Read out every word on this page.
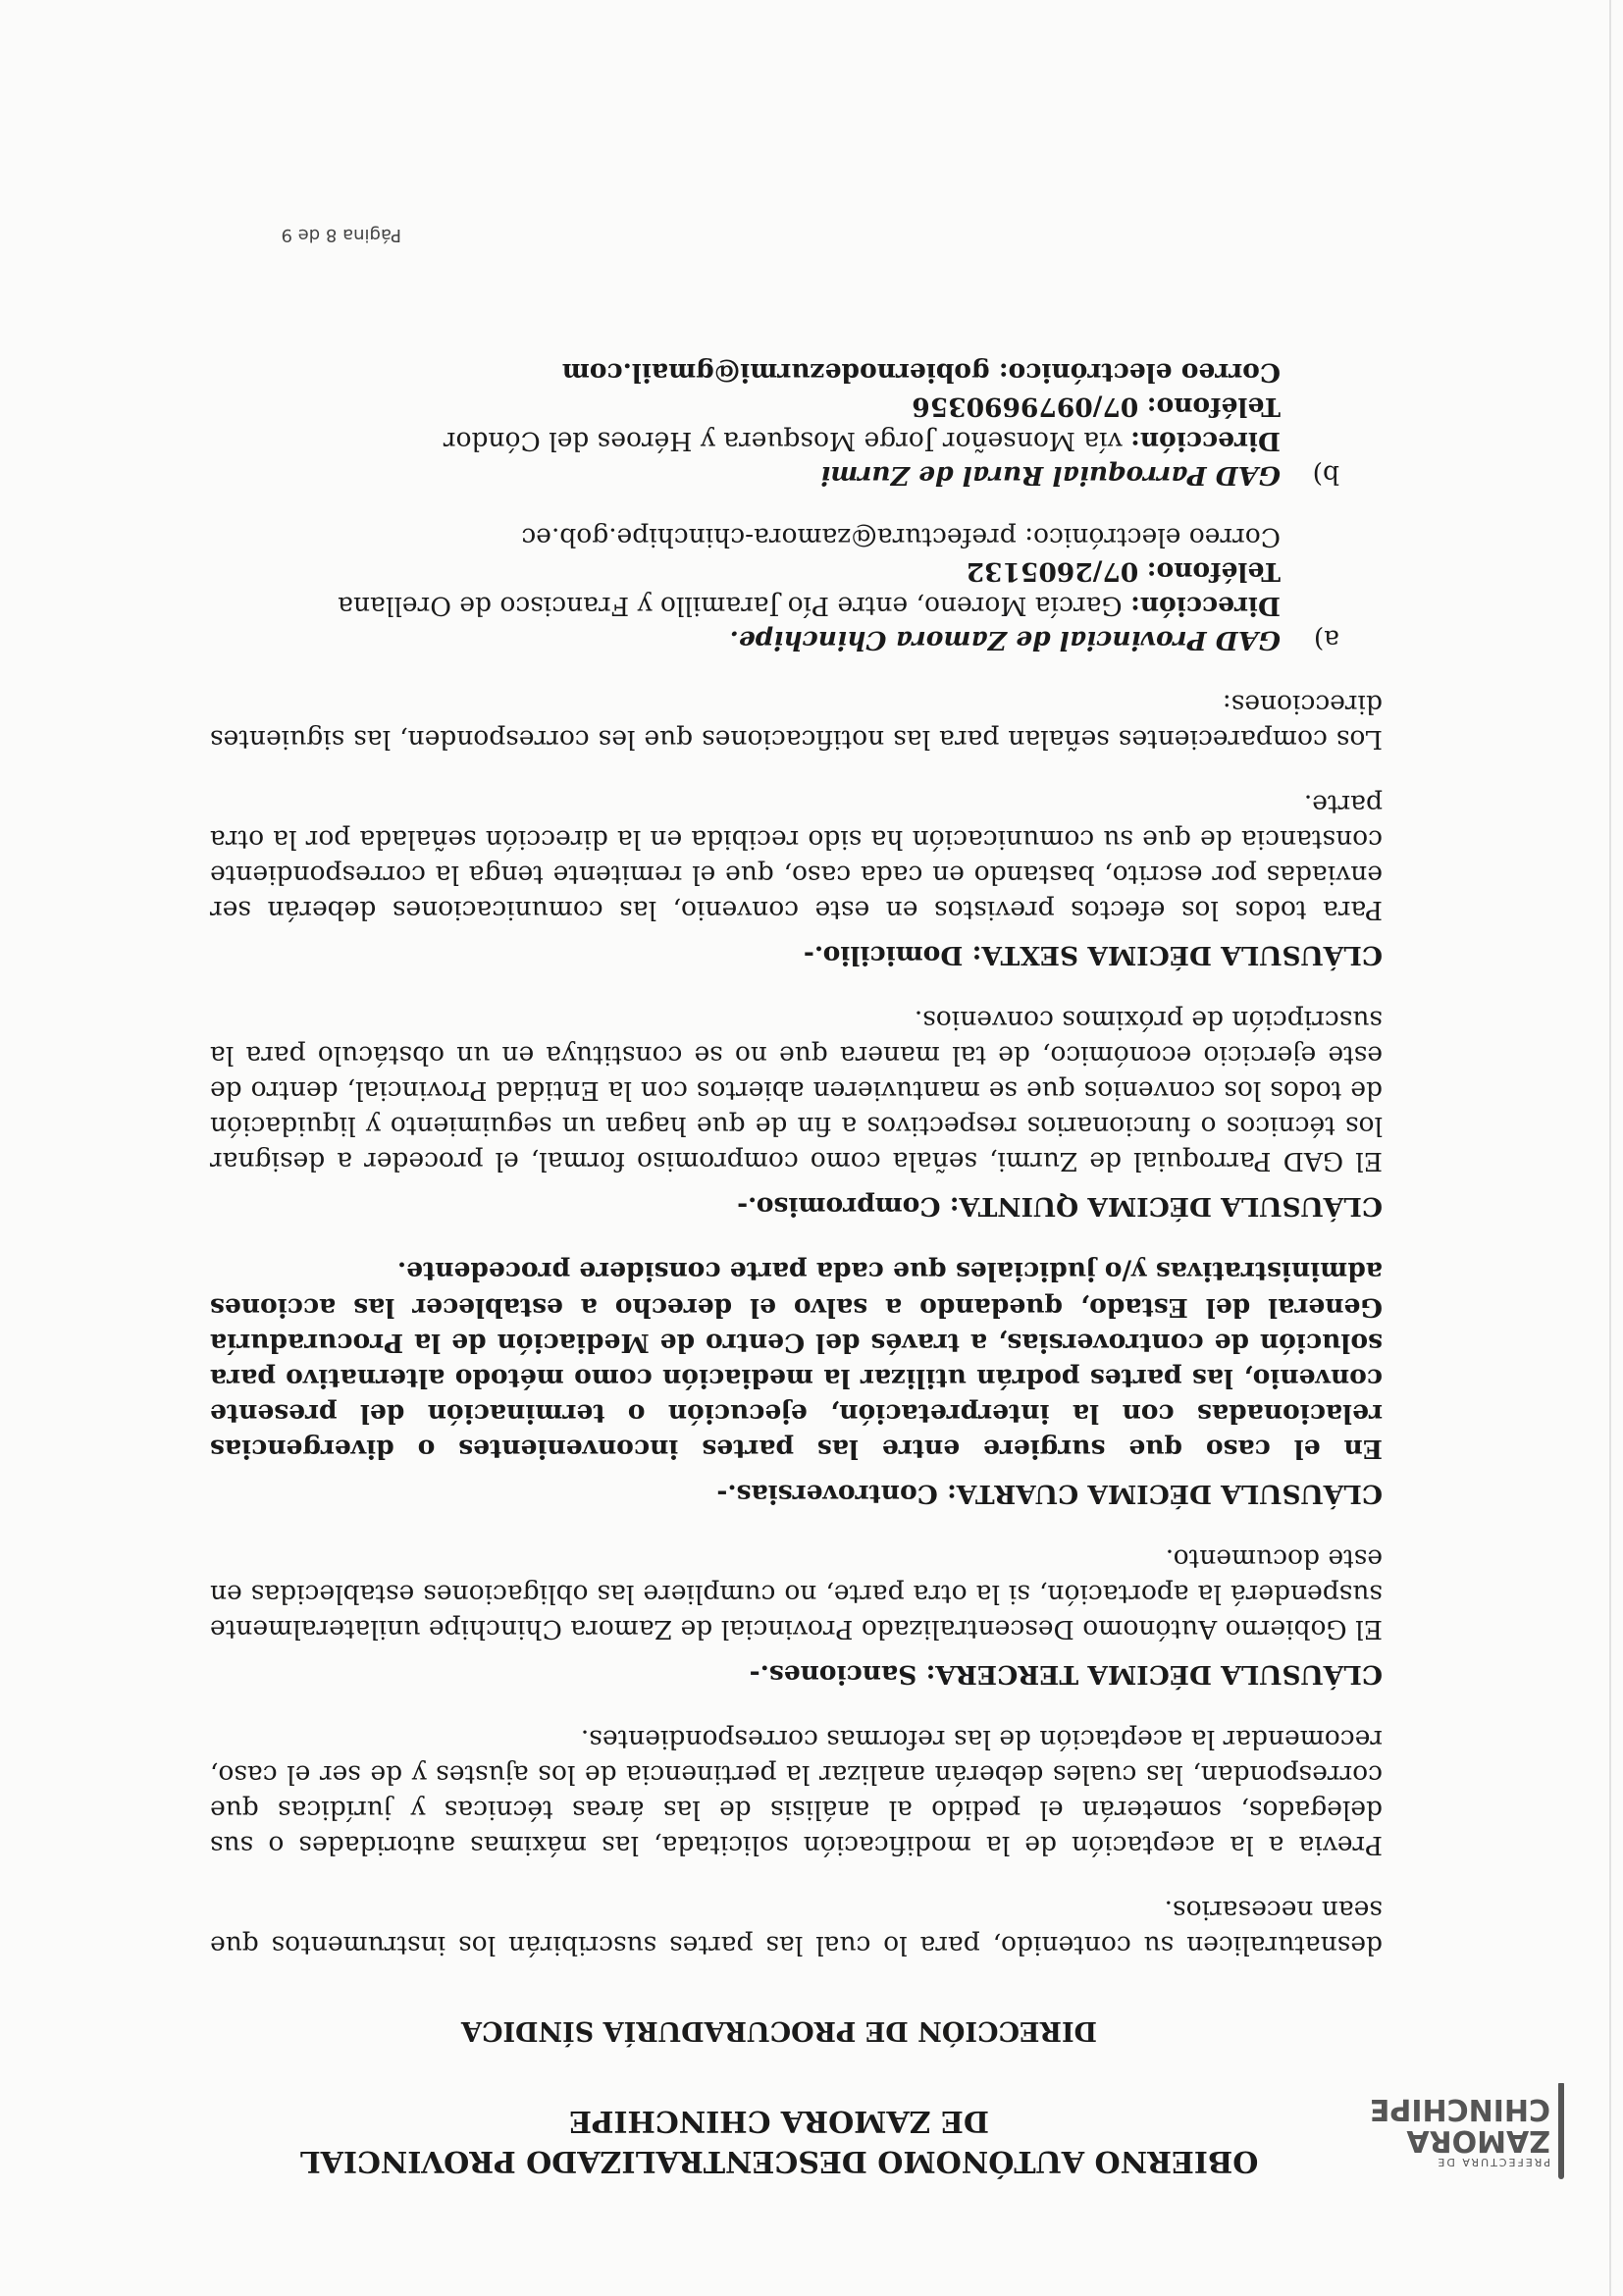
PREFECTURA DE
ZAMORA
CHINCHIPE
OBIERNO AUTÓNOMO DESCENTRALIZADO PROVINCIAL
DE ZAMORA CHINCHIPE
DIRECCIÓN DE PROCURADURÍA SÍNDICA

desnaturalicen su contenido, para lo cual las partes suscribirán los instrumentos que sean necesarios.

Previa a la aceptación de la modificación solicitada, las máximas autoridades o sus delegados, someterán el pedido al análisis de las áreas técnicas y jurídicas que correspondan, las cuales deberán analizar la pertinencia de los ajustes y de ser el caso, recomendar la aceptación de las reformas correspondientes.

CLÁUSULA DÉCIMA TERCERA: Sanciones.-

El Gobierno Autónomo Descentralizado Provincial de Zamora Chinchipe unilateralmente suspenderá la aportación, si la otra parte, no cumpliere las obligaciones establecidas en este documento.

CLÁUSULA DÉCIMA CUARTA: Controversias.-

En el caso que surgiere entre las partes inconvenientes o divergencias relacionadas con la interpretación, ejecución o terminación del presente convenio, las partes podrán utilizar la mediación como método alternativo para solución de controversias, a través del Centro de Mediación de la Procuraduría General del Estado, quedando a salvo el derecho a establecer las acciones administrativas y/o judiciales que cada parte considere procedente.

CLÁUSULA DÉCIMA QUINTA: Compromiso.-

El GAD Parroquial de Zurmi, señala como compromiso formal, el proceder a designar los técnicos o funcionarios respectivos a fin de que hagan un seguimiento y liquidación de todos los convenios que se mantuvieren abiertos con la Entidad Provincial, dentro de este ejercicio económico, de tal manera que no se constituya en un obstáculo para la suscripción de próximos convenios.

CLÁUSULA DÉCIMA SEXTA: Domicilio.-

Para todos los efectos previstos en este convenio, las comunicaciones deberán ser enviadas por escrito, bastando en cada caso, que el remitente tenga la correspondiente constancia de que su comunicación ha sido recibida en la dirección señalada por la otra parte.

Los comparecientes señalan para las notificaciones que les corresponden, las siguientes direcciones:

a)
GAD Provincial de Zamora Chinchipe.
Dirección: García Moreno, entre Pío Jaramillo y Francisco de Orellana
Teléfono: 07/2605132
Correo electrónico: prefectura@zamora-chinchipe.gob.ec
b)
GAD Parroquial Rural de Zurmi
Dirección: vía Monseñor Jorge Mosquera y Héroes del Cóndor
Teléfono: 07/0979690356
Correo electrónico: gobiernodezurmi@gmail.com
Página 8 de 9
